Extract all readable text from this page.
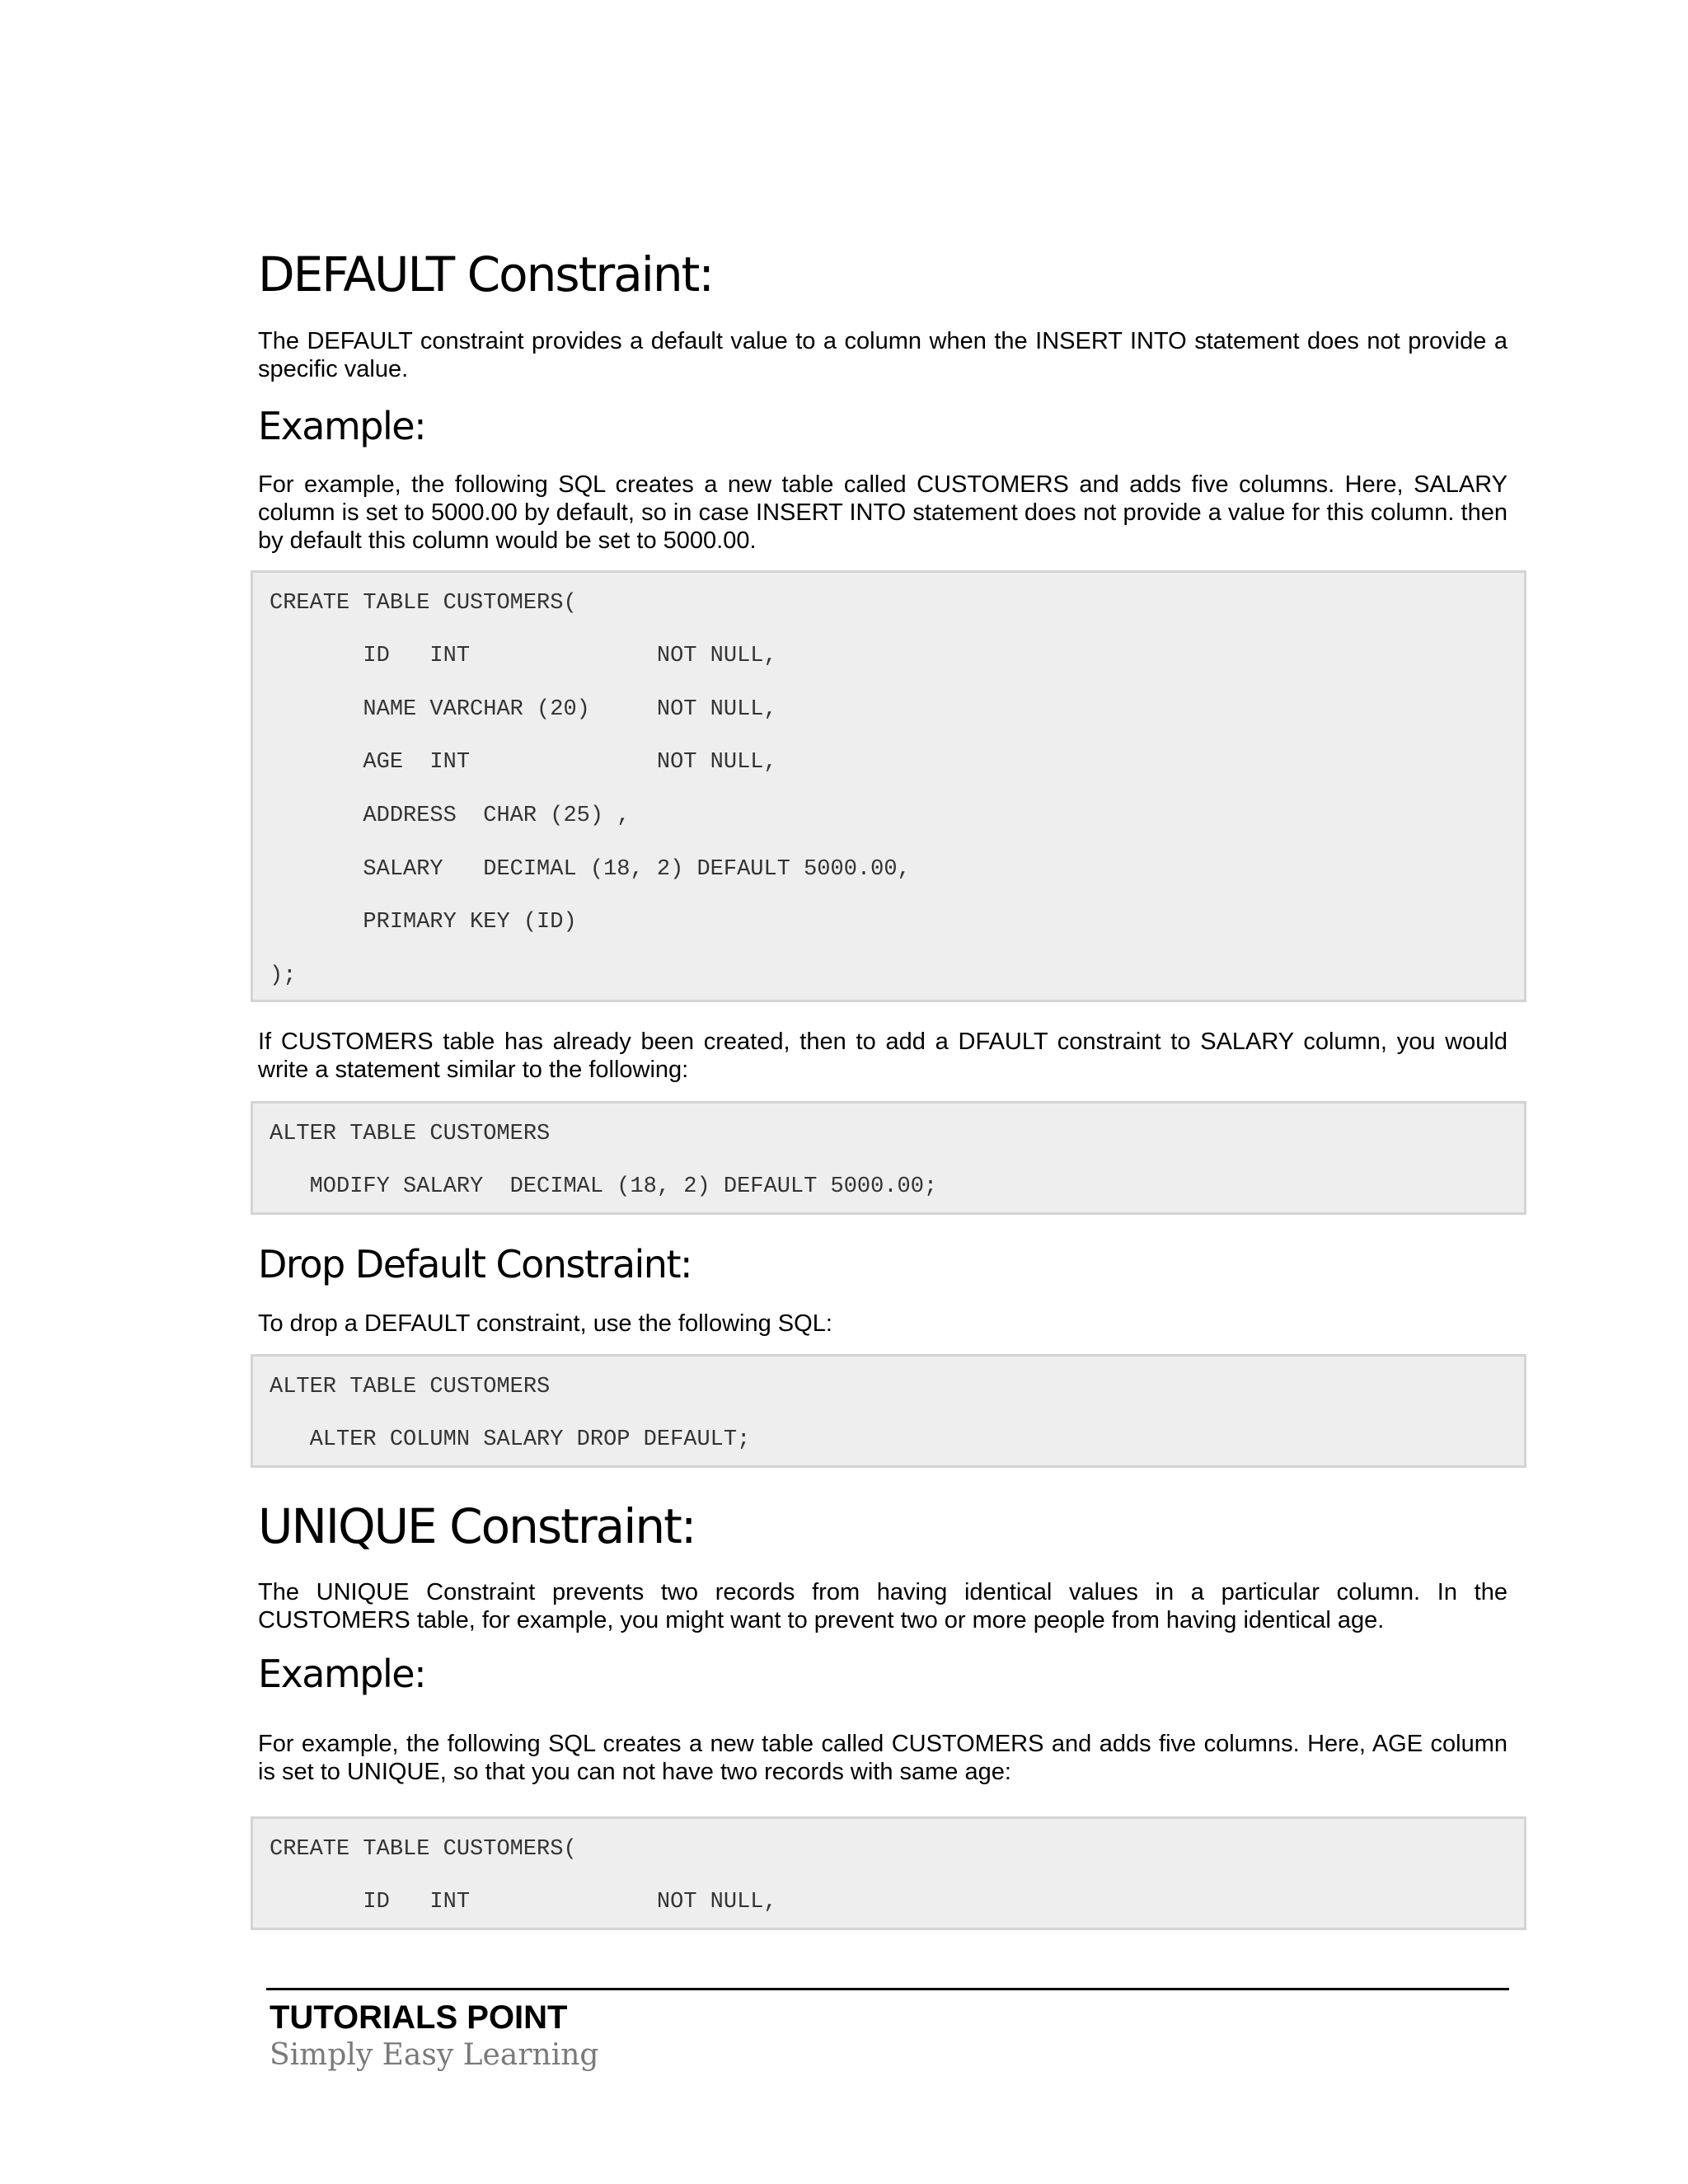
DEFAULT Constraint:

The DEFAULT constraint provides a default value to a column when the INSERT INTO statement does not provide a specific value.

Example:

For example, the following SQL creates a new table called CUSTOMERS and adds five columns. Here, SALARY column is set to 5000.00 by default, so in case INSERT INTO statement does not provide a value for this column. then by default this column would be set to 5000.00.

CREATE TABLE CUSTOMERS(
ID   INT              NOT NULL,
NAME VARCHAR (20)     NOT NULL,
AGE  INT              NOT NULL,
ADDRESS  CHAR (25) ,
SALARY   DECIMAL (18, 2) DEFAULT 5000.00,
PRIMARY KEY (ID)
);

If CUSTOMERS table has already been created, then to add a DFAULT constraint to SALARY column, you would write a statement similar to the following:

ALTER TABLE CUSTOMERS
MODIFY SALARY  DECIMAL (18, 2) DEFAULT 5000.00;
Drop Default Constraint:

To drop a DEFAULT constraint, use the following SQL:

ALTER TABLE CUSTOMERS
ALTER COLUMN SALARY DROP DEFAULT;
UNIQUE Constraint:

The UNIQUE Constraint prevents two records from having identical values in a particular column. In the CUSTOMERS table, for example, you might want to prevent two or more people from having identical age.

Example:

For example, the following SQL creates a new table called CUSTOMERS and adds five columns. Here, AGE column is set to UNIQUE, so that you can not have two records with same age:

CREATE TABLE CUSTOMERS(
ID   INT              NOT NULL,
TUTORIALS POINT
Simply Easy Learning
